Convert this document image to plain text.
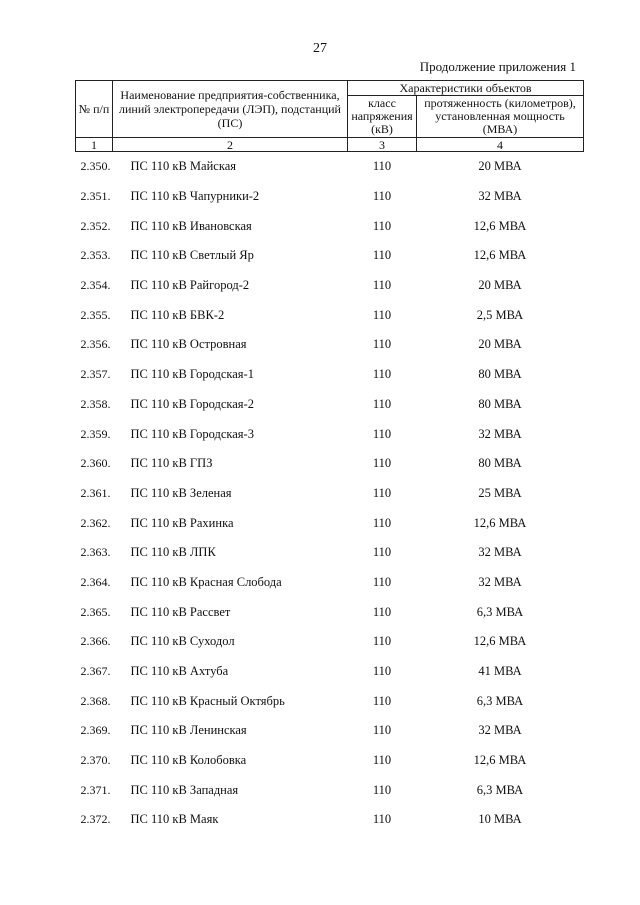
27
Продолжение приложения 1
№ п/п	Наименование предприятия-собственника, линий электропередачи (ЛЭП), подстанций (ПС)	Характеристики объектов	
		класс напряжения (кВ)	протяженность (километров), установленная мощность (МВА)
1	2	3	4
2.350.	ПС 110 кВ Майская	110	20 МВА
2.351.	ПС 110 кВ Чапурники-2	110	32 МВА
2.352.	ПС 110 кВ Ивановская	110	12,6 МВА
2.353.	ПС 110 кВ Светлый Яр	110	12,6 МВА
2.354.	ПС 110 кВ Райгород-2	110	20 МВА
2.355.	ПС 110 кВ БВК-2	110	2,5 МВА
2.356.	ПС 110 кВ Островная	110	20 МВА
2.357.	ПС 110 кВ Городская-1	110	80 МВА
2.358.	ПС 110 кВ Городская-2	110	80 МВА
2.359.	ПС 110 кВ Городская-3	110	32 МВА
2.360.	ПС 110 кВ ГПЗ	110	80 МВА
2.361.	ПС 110 кВ Зеленая	110	25 МВА
2.362.	ПС 110 кВ Рахинка	110	12,6 МВА
2.363.	ПС 110 кВ ЛПК	110	32 МВА
2.364.	ПС 110 кВ Красная Слобода	110	32 МВА
2.365.	ПС 110 кВ Рассвет	110	6,3 МВА
2.366.	ПС 110 кВ Суходол	110	12,6 МВА
2.367.	ПС 110 кВ Ахтуба	110	41 МВА
2.368.	ПС 110 кВ Красный Октябрь	110	6,3 МВА
2.369.	ПС 110 кВ Ленинская	110	32 МВА
2.370.	ПС 110 кВ Колобовка	110	12,6 МВА
2.371.	ПС 110 кВ Западная	110	6,3 МВА
2.372.	ПС 110 кВ Маяк	110	10 МВА
